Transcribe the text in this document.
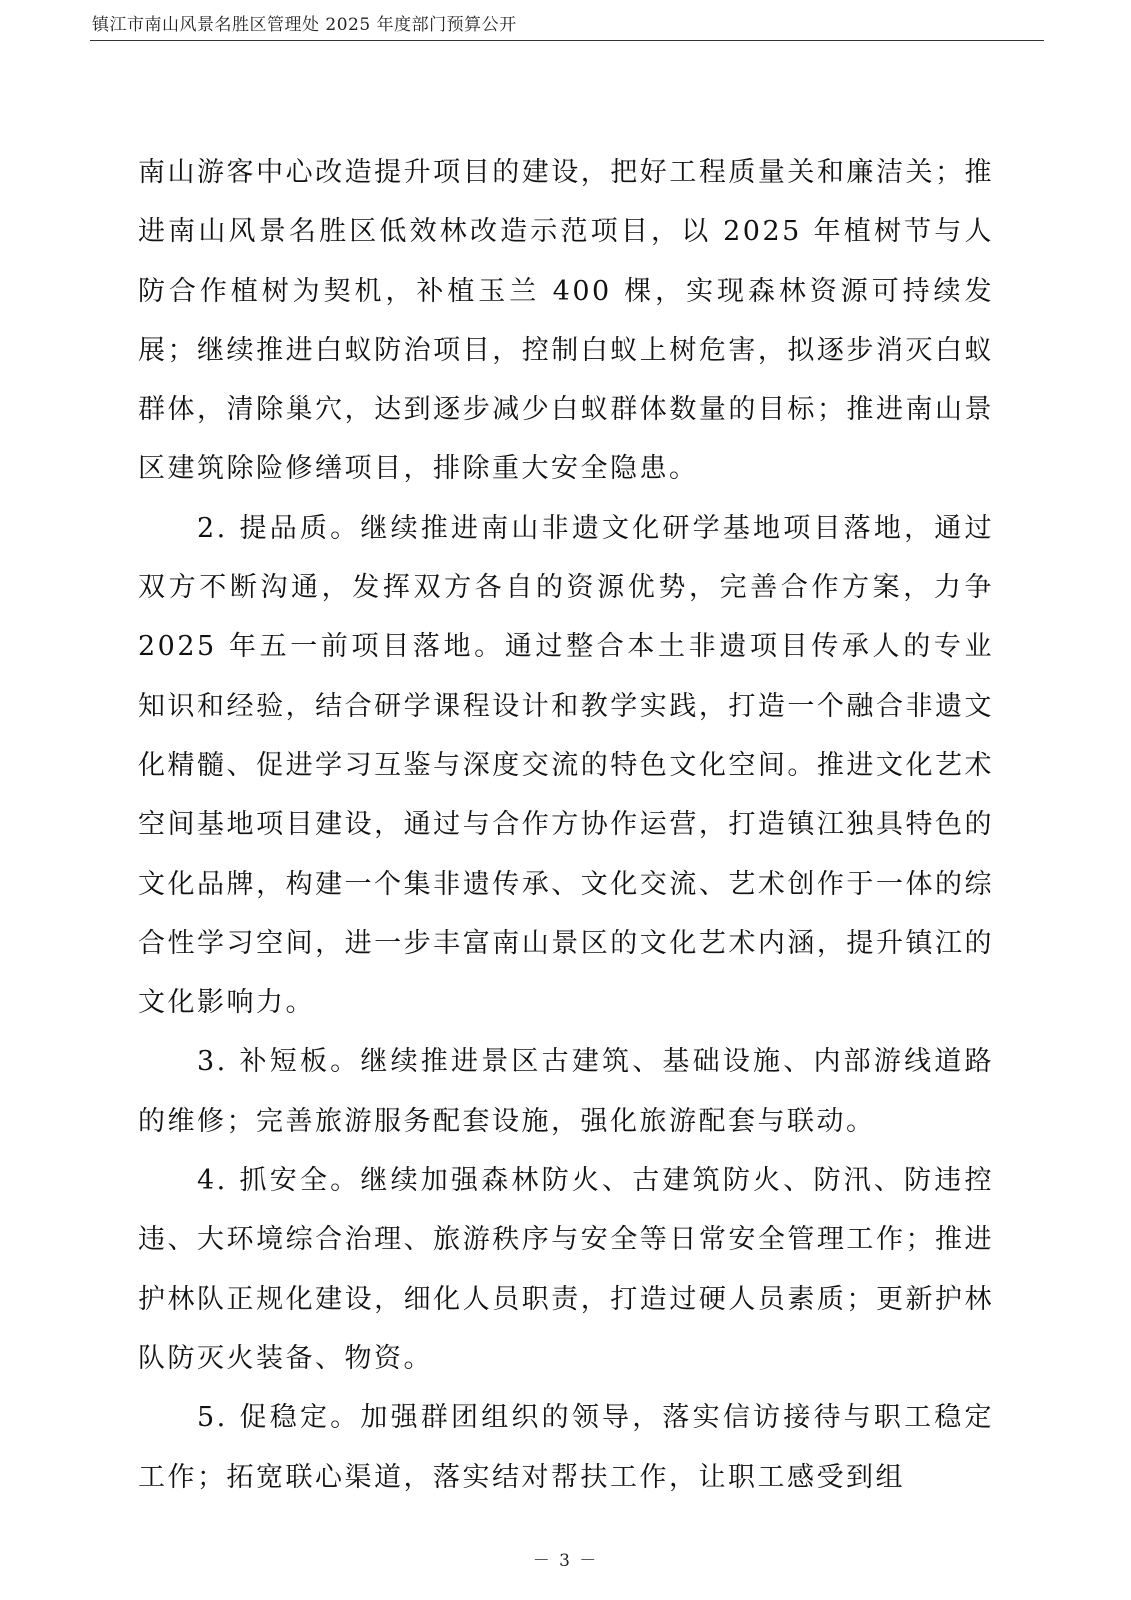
镇江市南山风景名胜区管理处 2025 年度部门预算公开

南山游客中心改造提升项目的建设，把好工程质量关和廉洁关；推进南山风景名胜区低效林改造示范项目，以 2025 年植树节与人防合作植树为契机，补植玉兰 400 棵，实现森林资源可持续发展；继续推进白蚁防治项目，控制白蚁上树危害，拟逐步消灭白蚁群体，清除巢穴，达到逐步减少白蚁群体数量的目标；推进南山景区建筑除险修缮项目，排除重大安全隐患。

2. 提品质。继续推进南山非遗文化研学基地项目落地，通过双方不断沟通，发挥双方各自的资源优势，完善合作方案，力争 2025 年五一前项目落地。通过整合本土非遗项目传承人的专业知识和经验，结合研学课程设计和教学实践，打造一个融合非遗文化精髓、促进学习互鉴与深度交流的特色文化空间。推进文化艺术空间基地项目建设，通过与合作方协作运营，打造镇江独具特色的文化品牌，构建一个集非遗传承、文化交流、艺术创作于一体的综合性学习空间，进一步丰富南山景区的文化艺术内涵，提升镇江的文化影响力。

3. 补短板。继续推进景区古建筑、基础设施、内部游线道路的维修；完善旅游服务配套设施，强化旅游配套与联动。

4. 抓安全。继续加强森林防火、古建筑防火、防汛、防违控违、大环境综合治理、旅游秩序与安全等日常安全管理工作；推进护林队正规化建设，细化人员职责，打造过硬人员素质；更新护林队防灭火装备、物资。

5. 促稳定。加强群团组织的领导，落实信访接待与职工稳定工作；拓宽联心渠道，落实结对帮扶工作，让职工感受到组

－ 3 －
